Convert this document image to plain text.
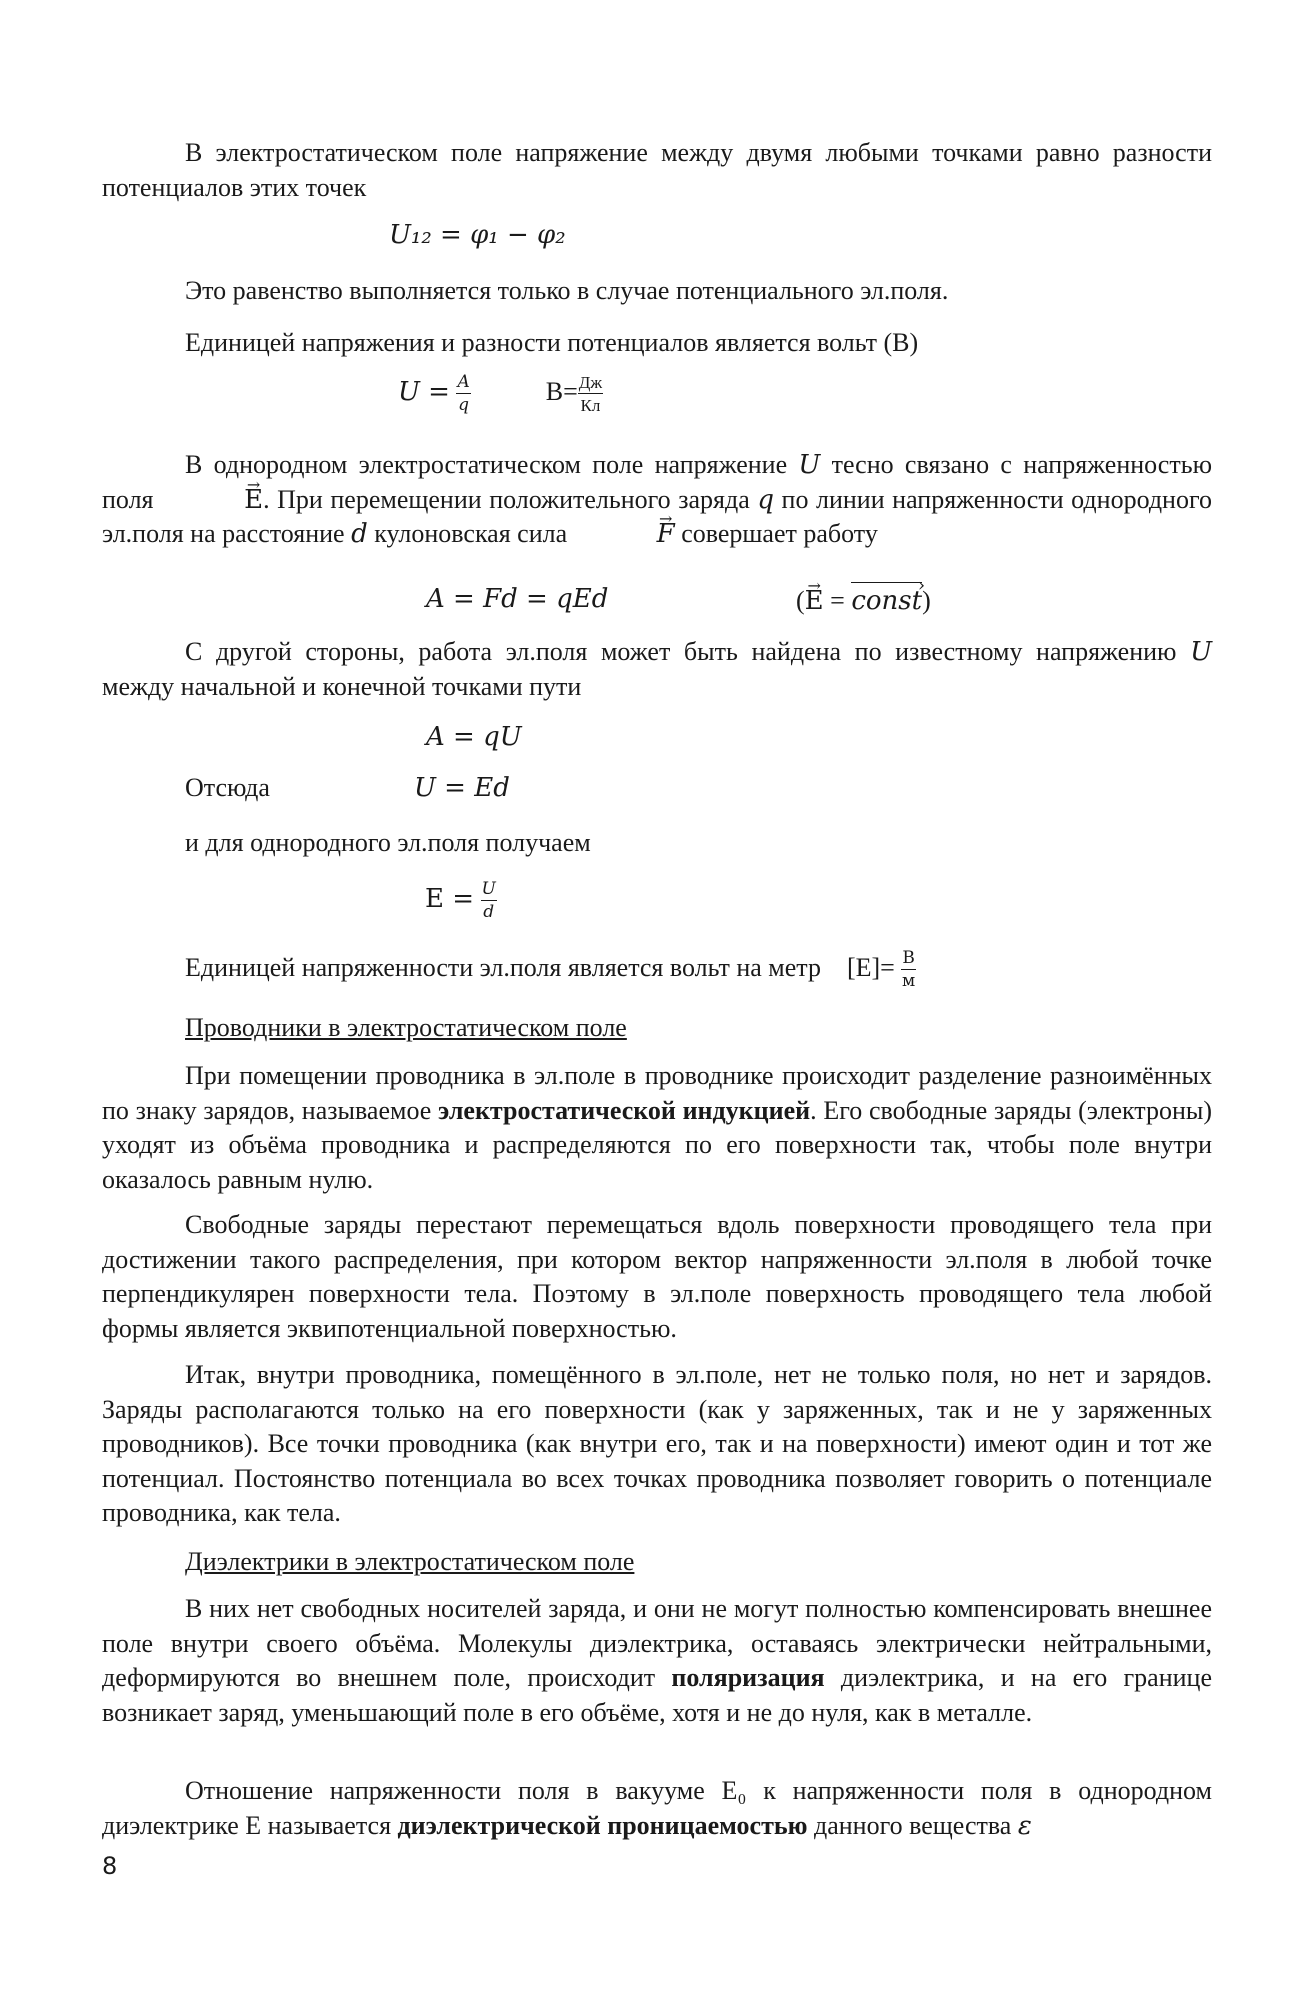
В электростатическом поле напряжение между двумя любыми точками равно разности потенциалов этих точек

U₁₂ = φ₁ − φ₂

Это равенство выполняется только в случае потенциального эл.поля.

Единицей напряжения и разности потенциалов является вольт (В)

$U = \frac{A}{q}$	$В= \frac{Дж}{Кл}$

В однородном электростатическом поле напряжение U тесно связано с напряженностью поля	→ E. При перемещении положительного заряда q по линии напряженности однородного эл.поля на расстояние d кулоновская сила	→ F совершает работу

A = Fd = qEd	(→ E = const ›)

С другой стороны, работа эл.поля может быть найдена по известному напряжению U между начальной и конечной точками пути

A = qU

Отсюда	U = Ed

и для однородного эл.поля получаем

$E = \frac{U}{d}$

Единицей напряженности эл.поля является вольт на метр $[E]= \frac{В}{м}$

Проводники в электростатическом поле

При помещении проводника в эл.поле в проводнике происходит разделение разноимённых по знаку зарядов, называемое электростатической индукцией. Его свободные заряды (электроны) уходят из объёма проводника и распределяются по его поверхности так, чтобы поле внутри оказалось равным нулю.

Свободные заряды перестают перемещаться вдоль поверхности проводящего тела при достижении такого распределения, при котором вектор напряженности эл.поля в любой точке перпендикулярен поверхности тела. Поэтому в эл.поле поверхность проводящего тела любой формы является эквипотенциальной поверхностью.

Итак, внутри проводника, помещённого в эл.поле, нет не только поля, но нет и зарядов. Заряды располагаются только на его поверхности (как у заряженных, так и не у заряженных проводников). Все точки проводника (как внутри его, так и на поверхности) имеют один и тот же потенциал. Постоянство потенциала во всех точках проводника позволяет говорить о потенциале проводника, как тела.

Диэлектрики в электростатическом поле

В них нет свободных носителей заряда, и они не могут полностью компенсировать внешнее поле внутри своего объёма. Молекулы диэлектрика, оставаясь электрически нейтральными, деформируются во внешнем поле, происходит поляризация диэлектрика, и на его границе возникает заряд, уменьшающий поле в его объёме, хотя и не до нуля, как в металле.

Отношение напряженности поля в вакууме E₀ к напряженности поля в однородном диэлектрике E называется диэлектрической проницаемостью данного вещества ε

8
